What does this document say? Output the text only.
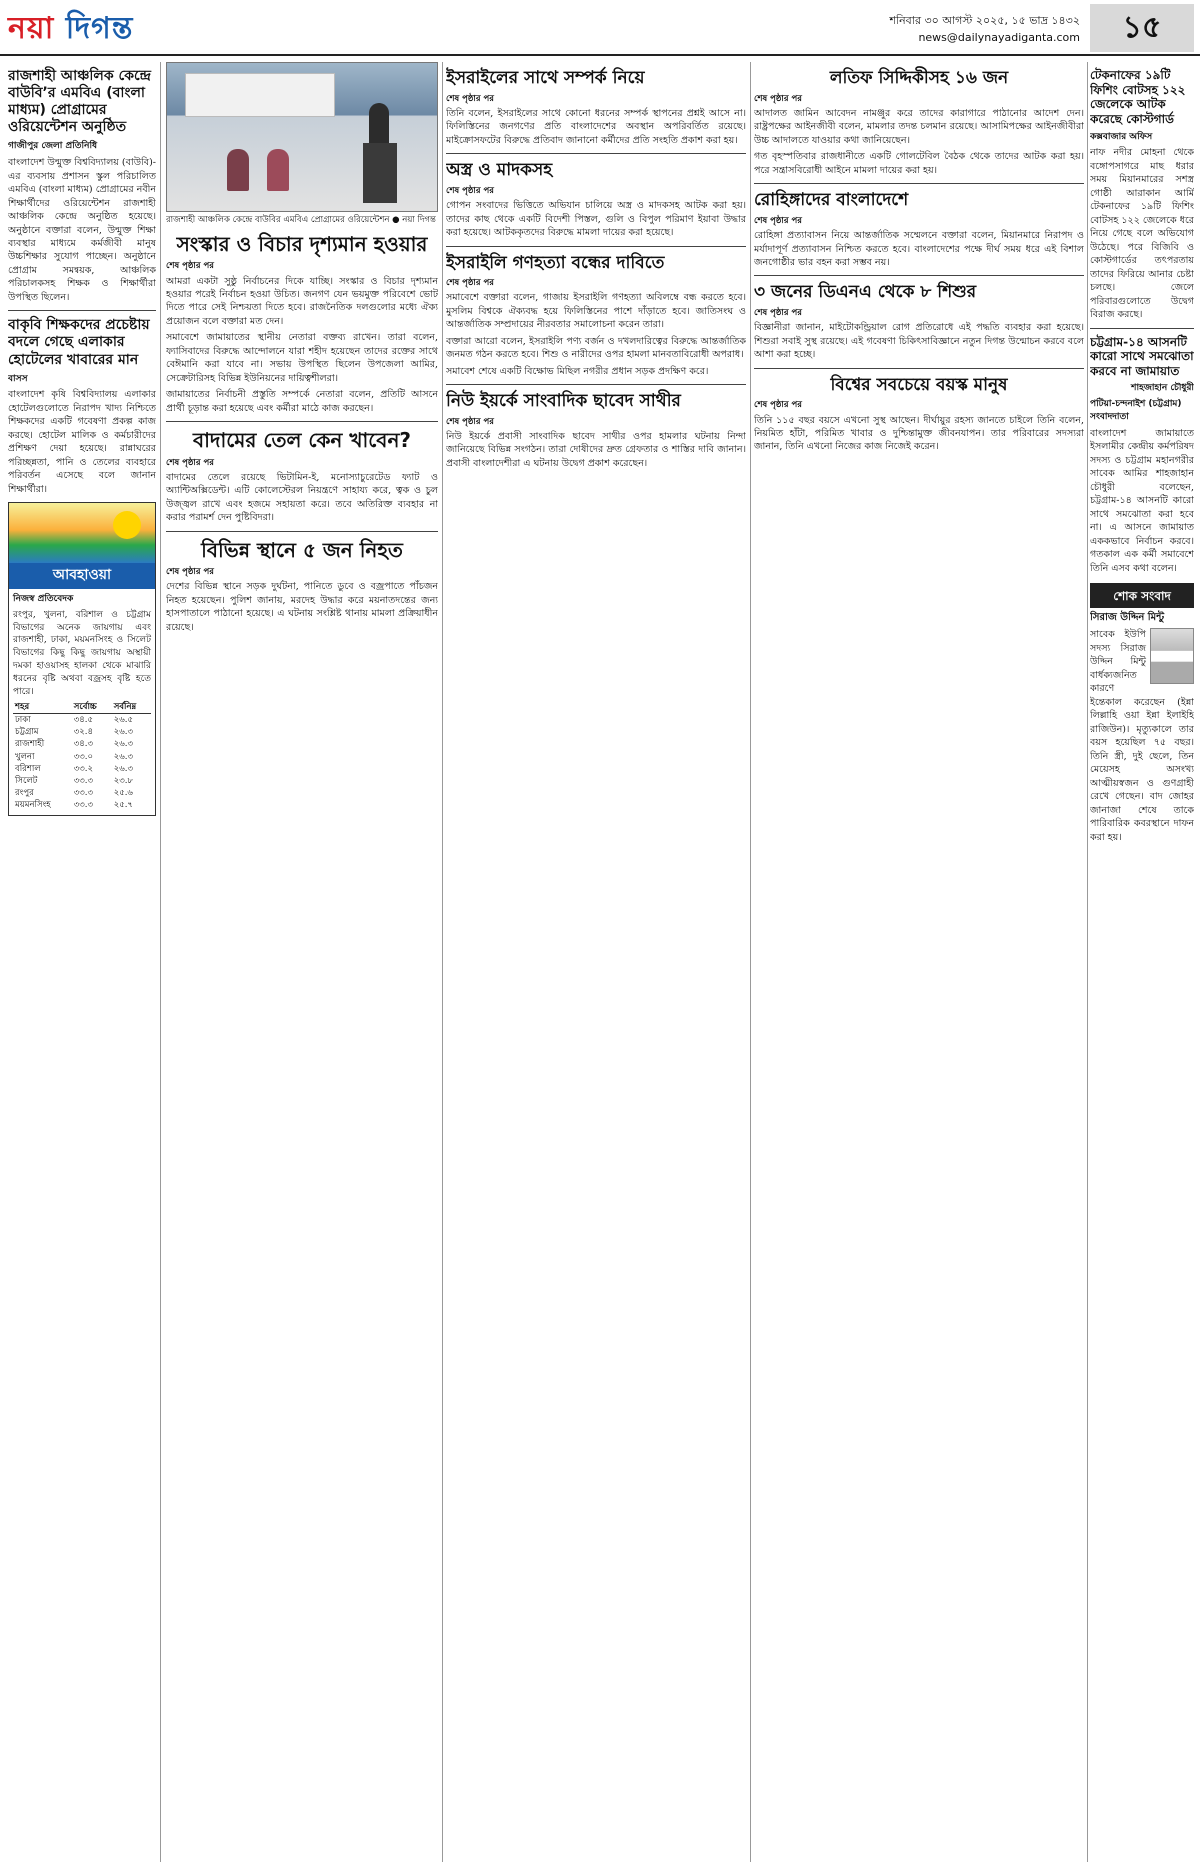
নয়া দিগন্ত	শনিবার ৩০ আগস্ট ২০২৫, ১৫ ভাদ্র ১৪৩২
news@dailynayadiganta.com	১৫
রাজশাহী আঞ্চলিক কেন্দ্রে বাউবি’র এমবিএ (বাংলা মাধ্যম) প্রোগ্রামের ওরিয়েন্টেশন অনুষ্ঠিত
গাজীপুর জেলা প্রতিনিধি

বাংলাদেশ উন্মুক্ত বিশ্ববিদ্যালয় (বাউবি)-এর ব্যবসায় প্রশাসন স্কুল পরিচালিত এমবিএ (বাংলা মাধ্যম) প্রোগ্রামের নবীন শিক্ষার্থীদের ওরিয়েন্টেশন রাজশাহী আঞ্চলিক কেন্দ্রে অনুষ্ঠিত হয়েছে। অনুষ্ঠানে বক্তারা বলেন, উন্মুক্ত শিক্ষা ব্যবস্থার মাধ্যমে কর্মজীবী মানুষ উচ্চশিক্ষার সুযোগ পাচ্ছেন। অনুষ্ঠানে প্রোগ্রাম সমন্বয়ক, আঞ্চলিক পরিচালকসহ শিক্ষক ও শিক্ষার্থীরা উপস্থিত ছিলেন।

বাকৃবি শিক্ষকদের প্রচেষ্টায় বদলে গেছে এলাকার হোটেলের খাবারের মান
বাসস

বাংলাদেশ কৃষি বিশ্ববিদ্যালয় এলাকার হোটেলগুলোতে নিরাপদ খাদ্য নিশ্চিতে শিক্ষকদের একটি গবেষণা প্রকল্প কাজ করছে। হোটেল মালিক ও কর্মচারীদের প্রশিক্ষণ দেয়া হয়েছে। রান্নাঘরের পরিচ্ছন্নতা, পানি ও তেলের ব্যবহারে পরিবর্তন এসেছে বলে জানান শিক্ষার্থীরা।

আবহাওয়া
নিজস্ব প্রতিবেদক

রংপুর, খুলনা, বরিশাল ও চট্টগ্রাম বিভাগের অনেক জায়গায় এবং রাজশাহী, ঢাকা, ময়মনসিংহ ও সিলেট বিভাগের কিছু কিছু জায়গায় অস্থায়ী দমকা হাওয়াসহ হালকা থেকে মাঝারি ধরনের বৃষ্টি অথবা বজ্রসহ বৃষ্টি হতে পারে।

শহর	সর্বোচ্চ	সর্বনিম্ন
ঢাকা	৩৪.৫	২৬.৫
চট্টগ্রাম	৩২.৪	২৬.৩
রাজশাহী	৩৪.৩	২৬.৩
খুলনা	৩৩.০	২৬.৩
বরিশাল	৩৩.২	২৬.৩
সিলেট	৩৩.৩	২৩.৮
রংপুর	৩৩.৩	২৫.৬
ময়মনসিংহ	৩৩.৩	২৫.৭
রাজশাহী আঞ্চলিক কেন্দ্রে বাউবির এমবিএ প্রোগ্রামের ওরিয়েন্টেশন ● নয়া দিগন্ত
সংস্কার ও বিচার দৃশ্যমান হওয়ার
শেষ পৃষ্ঠার পর

আমরা একটা সুষ্ঠু নির্বাচনের দিকে যাচ্ছি। সংস্কার ও বিচার দৃশ্যমান হওয়ার পরেই নির্বাচন হওয়া উচিত। জনগণ যেন ভয়মুক্ত পরিবেশে ভোট দিতে পারে সেই নিশ্চয়তা দিতে হবে। রাজনৈতিক দলগুলোর মধ্যে ঐক্য প্রয়োজন বলে বক্তারা মত দেন।

সমাবেশে জামায়াতের স্থানীয় নেতারা বক্তব্য রাখেন। তারা বলেন, ফ্যাসিবাদের বিরুদ্ধে আন্দোলনে যারা শহীদ হয়েছেন তাদের রক্তের সাথে বেঈমানি করা যাবে না। সভায় উপস্থিত ছিলেন উপজেলা আমির, সেক্রেটারিসহ বিভিন্ন ইউনিয়নের দায়িত্বশীলরা।

জামায়াতের নির্বাচনী প্রস্তুতি সম্পর্কে নেতারা বলেন, প্রতিটি আসনে প্রার্থী চূড়ান্ত করা হয়েছে এবং কর্মীরা মাঠে কাজ করছেন।

বাদামের তেল কেন খাবেন?
শেষ পৃষ্ঠার পর

বাদামের তেলে রয়েছে ভিটামিন-ই, মনোস্যাচুরেটেড ফ্যাট ও অ্যান্টিঅক্সিডেন্ট। এটি কোলেস্টেরল নিয়ন্ত্রণে সাহায্য করে, ত্বক ও চুল উজ্জ্বল রাখে এবং হজমে সহায়তা করে। তবে অতিরিক্ত ব্যবহার না করার পরামর্শ দেন পুষ্টিবিদরা।

বিভিন্ন স্থানে ৫ জন নিহত
শেষ পৃষ্ঠার পর

দেশের বিভিন্ন স্থানে সড়ক দুর্ঘটনা, পানিতে ডুবে ও বজ্রপাতে পাঁচজন নিহত হয়েছেন। পুলিশ জানায়, মরদেহ উদ্ধার করে ময়নাতদন্তের জন্য হাসপাতালে পাঠানো হয়েছে। এ ঘটনায় সংশ্লিষ্ট থানায় মামলা প্রক্রিয়াধীন রয়েছে।

ইসরাইলের সাথে সম্পর্ক নিয়ে
শেষ পৃষ্ঠার পর

তিনি বলেন, ইসরাইলের সাথে কোনো ধরনের সম্পর্ক স্থাপনের প্রশ্নই আসে না। ফিলিস্তিনের জনগণের প্রতি বাংলাদেশের অবস্থান অপরিবর্তিত রয়েছে। মাইক্রোসফটের বিরুদ্ধে প্রতিবাদ জানানো কর্মীদের প্রতি সংহতি প্রকাশ করা হয়।

অস্ত্র ও মাদকসহ
শেষ পৃষ্ঠার পর

গোপন সংবাদের ভিত্তিতে অভিযান চালিয়ে অস্ত্র ও মাদকসহ আটক করা হয়। তাদের কাছ থেকে একটি বিদেশী পিস্তল, গুলি ও বিপুল পরিমাণ ইয়াবা উদ্ধার করা হয়েছে। আটককৃতদের বিরুদ্ধে মামলা দায়ের করা হয়েছে।

ইসরাইলি গণহত্যা বন্ধের দাবিতে
শেষ পৃষ্ঠার পর

সমাবেশে বক্তারা বলেন, গাজায় ইসরাইলি গণহত্যা অবিলম্বে বন্ধ করতে হবে। মুসলিম বিশ্বকে ঐক্যবদ্ধ হয়ে ফিলিস্তিনের পাশে দাঁড়াতে হবে। জাতিসংঘ ও আন্তর্জাতিক সম্প্রদায়ের নীরবতার সমালোচনা করেন তারা।

বক্তারা আরো বলেন, ইসরাইলি পণ্য বর্জন ও দখলদারিত্বের বিরুদ্ধে আন্তর্জাতিক জনমত গঠন করতে হবে। শিশু ও নারীদের ওপর হামলা মানবতাবিরোধী অপরাধ।

সমাবেশ শেষে একটি বিক্ষোভ মিছিল নগরীর প্রধান সড়ক প্রদক্ষিণ করে।

নিউ ইয়র্কে সাংবাদিক ছাবেদ সাথীর
শেষ পৃষ্ঠার পর

নিউ ইয়র্কে প্রবাসী সাংবাদিক ছাবেদ সাথীর ওপর হামলার ঘটনায় নিন্দা জানিয়েছে বিভিন্ন সংগঠন। তারা দোষীদের দ্রুত গ্রেফতার ও শাস্তির দাবি জানান। প্রবাসী বাংলাদেশীরা এ ঘটনায় উদ্বেগ প্রকাশ করেছেন।

লতিফ সিদ্দিকীসহ ১৬ জন
শেষ পৃষ্ঠার পর

আদালত জামিন আবেদন নামঞ্জুর করে তাদের কারাগারে পাঠানোর আদেশ দেন। রাষ্ট্রপক্ষের আইনজীবী বলেন, মামলার তদন্ত চলমান রয়েছে। আসামিপক্ষের আইনজীবীরা উচ্চ আদালতে যাওয়ার কথা জানিয়েছেন।

গত বৃহস্পতিবার রাজধানীতে একটি গোলটেবিল বৈঠক থেকে তাদের আটক করা হয়। পরে সন্ত্রাসবিরোধী আইনে মামলা দায়ের করা হয়।

রোহিঙ্গাদের বাংলাদেশে
শেষ পৃষ্ঠার পর

রোহিঙ্গা প্রত্যাবাসন নিয়ে আন্তর্জাতিক সম্মেলনে বক্তারা বলেন, মিয়ানমারে নিরাপদ ও মর্যাদাপূর্ণ প্রত্যাবাসন নিশ্চিত করতে হবে। বাংলাদেশের পক্ষে দীর্ঘ সময় ধরে এই বিশাল জনগোষ্ঠীর ভার বহন করা সম্ভব নয়।

৩ জনের ডিএনএ থেকে ৮ শিশুর
শেষ পৃষ্ঠার পর

বিজ্ঞানীরা জানান, মাইটোকন্ড্রিয়াল রোগ প্রতিরোধে এই পদ্ধতি ব্যবহার করা হয়েছে। শিশুরা সবাই সুস্থ রয়েছে। এই গবেষণা চিকিৎসাবিজ্ঞানে নতুন দিগন্ত উন্মোচন করবে বলে আশা করা হচ্ছে।

বিশ্বের সবচেয়ে বয়স্ক মানুষ
শেষ পৃষ্ঠার পর

তিনি ১১৫ বছর বয়সে এখনো সুস্থ আছেন। দীর্ঘায়ুর রহস্য জানতে চাইলে তিনি বলেন, নিয়মিত হাঁটা, পরিমিত খাবার ও দুশ্চিন্তামুক্ত জীবনযাপন। তার পরিবারের সদস্যরা জানান, তিনি এখনো নিজের কাজ নিজেই করেন।

টেকনাফের ১৯টি ফিশিং বোটসহ ১২২ জেলেকে আটক করেছে কোস্টগার্ড
কক্সবাজার অফিস

নাফ নদীর মোহনা থেকে বঙ্গোপসাগরে মাছ ধরার সময় মিয়ানমারের সশস্ত্র গোষ্ঠী আরাকান আর্মি টেকনাফের ১৯টি ফিশিং বোটসহ ১২২ জেলেকে ধরে নিয়ে গেছে বলে অভিযোগ উঠেছে। পরে বিজিবি ও কোস্টগার্ডের তৎপরতায় তাদের ফিরিয়ে আনার চেষ্টা চলছে। জেলে পরিবারগুলোতে উদ্বেগ বিরাজ করছে।

চট্টগ্রাম-১৪ আসনটি কারো সাথে সমঝোতা করবে না জামায়াত
শাহজাহান চৌধুরী
পটিয়া-চন্দনাইশ (চট্টগ্রাম) সংবাদদাতা

বাংলাদেশ জামায়াতে ইসলামীর কেন্দ্রীয় কর্মপরিষদ সদস্য ও চট্টগ্রাম মহানগরীর সাবেক আমির শাহজাহান চৌধুরী বলেছেন, চট্টগ্রাম-১৪ আসনটি কারো সাথে সমঝোতা করা হবে না। এ আসনে জামায়াত এককভাবে নির্বাচন করবে। গতকাল এক কর্মী সমাবেশে তিনি এসব কথা বলেন।

শোক সংবাদ
সিরাজ উদ্দিন মিন্টু

সাবেক ইউপি সদস্য সিরাজ উদ্দিন মিন্টু বার্ধক্যজনিত কারণে ইন্তেকাল করেছেন (ইন্না লিল্লাহি ওয়া ইন্না ইলাইহি রাজিউন)। মৃত্যুকালে তার বয়স হয়েছিল ৭৫ বছর। তিনি স্ত্রী, দুই ছেলে, তিন মেয়েসহ অসংখ্য আত্মীয়স্বজন ও গুণগ্রাহী রেখে গেছেন। বাদ জোহর জানাজা শেষে তাকে পারিবারিক কবরস্থানে দাফন করা হয়।
